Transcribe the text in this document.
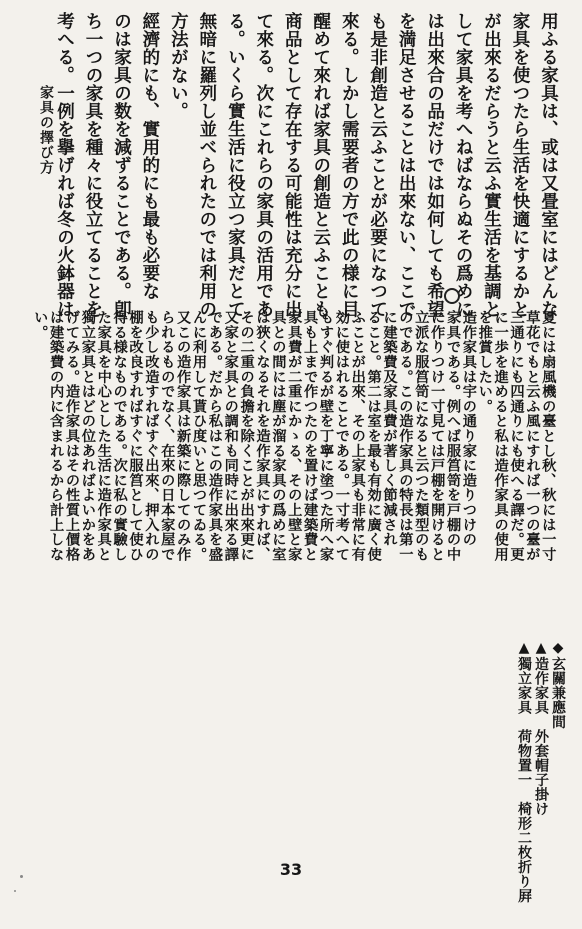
家具の擇び方	用ふる家具は、或は又畳室にはどんな
家具を使つたら生活を快適にするかと
が出來るだらうと云ふ實生活を基調と
して家具を考へねばならぬその爲めに
は出來合の品だけでは如何しても希望
を満足させることは出來ない、ここで
も是非創造と云ふことが必要になつて
來る。しかし需要者の方で此の様に目
醒めて來れば家具の創造と云ふことも
商品として存在する可能性は充分に出
て來る。次にこれらの家具の活用であ
る。いくら實生活に役立つ家具だとて
無暗に羅列し並べられたのでは利用の
方法がない。
經濟的にも、實用的にも最も必要な
のは家具の数を減ずることである。卽
ち一つの家具を種々に役立てることを
考へる。一例を擧げれば冬の火鉢器は
夏には扇風機の臺とし秋、秋には一寸
草花でもと云ふ風にすれば一つの臺が
三通りにも四通りにも使へる譯だ。更
に一歩を進めると私は造作家具の使用
を推賞したい。
造作家具は宇の通り家に造りつけの
家具である。例へば服筥笥を戸棚の中
に作りつけ一寸見ては戸棚を開けると
立派な服筥笥になると云つた類型のも
のである。この造作家具の特長は第一
に建築費及家具費が著しく節減され
ること。第二は室を最も有効に廣く使
ふことが出來、その上家具も非常に有
効に使はれることである。一寸考へて
もすぐ判るが壁を丁寧に塗つた所へ家
具も上まで作つたのを置けば建築費と
家具費が二重にかゝる、その上壁と家
具との間には塵が溜る家具の爲めに室
は狹くなるそれを造作家具にすれば、
その二重の負擔を除くことが出來更に
又家と家具との調和も同時に出來る譯
である。だから私はこの造作家具を盛
んに利用して貰ひ度いと思つてゐる。
又この造作家具は新築に際してのみ作
られるものでなく、在來の日本家屋で
も少し改造すればすぐ出來、押入れの
棚を改良すればすぐに服筥として使ひ
得る様なものである。次に私の實驗し
た家具を中心とした生活に造作家具と
獨立家具とはどの位あればよいかをあ
げてみる。造作家具はその性質上價格
は建築費の内に含まれるから計上しな
い。
◆玄關兼應間
▲造作家具　外套帽子掛け
▲獨立家具　荷物置一　椅形二枚折り屛
33
